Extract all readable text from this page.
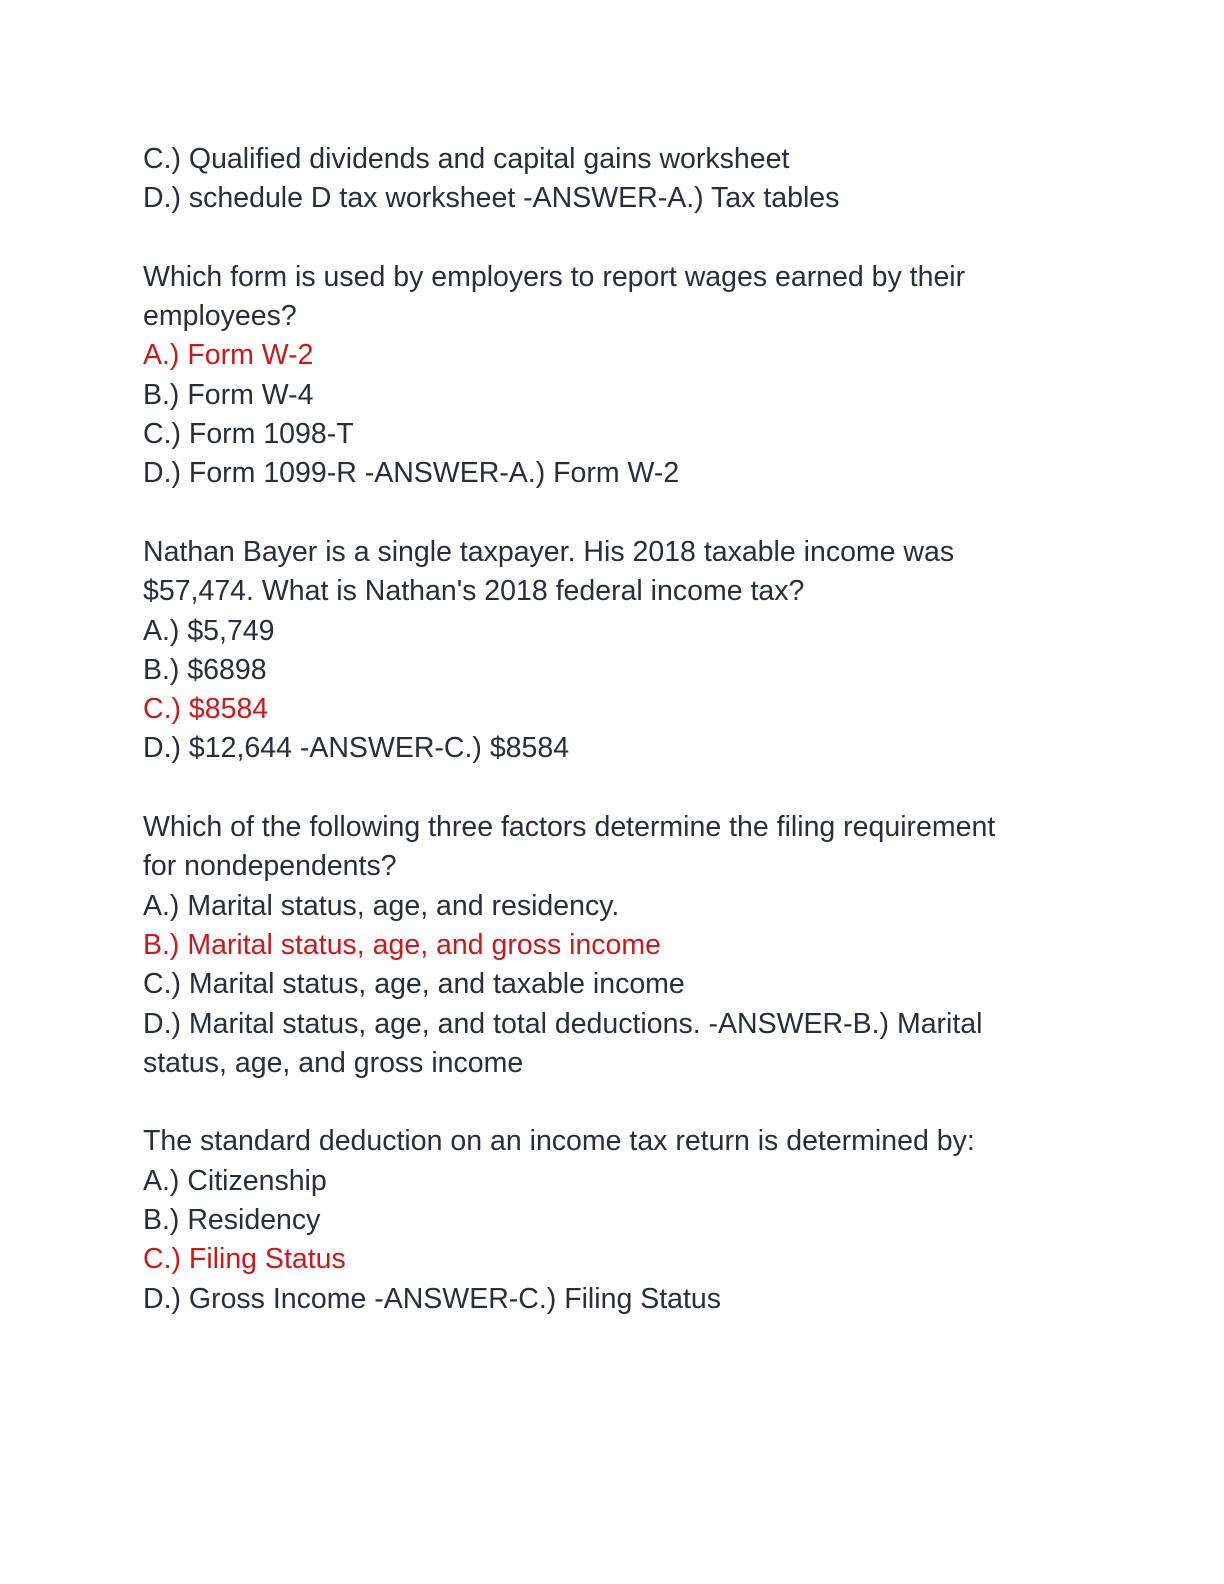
C.) Qualified dividends and capital gains worksheet
D.) schedule D tax worksheet -ANSWER-A.) Tax tables
Which form is used by employers to report wages earned by their
employees?
A.) Form W-2
B.) Form W-4
C.) Form 1098-T
D.) Form 1099-R -ANSWER-A.) Form W-2
Nathan Bayer is a single taxpayer. His 2018 taxable income was
$57,474. What is Nathan's 2018 federal income tax?
A.) $5,749
B.) $6898
C.) $8584
D.) $12,644 -ANSWER-C.) $8584
Which of the following three factors determine the filing requirement
for nondependents?
A.) Marital status, age, and residency.
B.) Marital status, age, and gross income
C.) Marital status, age, and taxable income
D.) Marital status, age, and total deductions. -ANSWER-B.) Marital
status, age, and gross income
The standard deduction on an income tax return is determined by:
A.) Citizenship
B.) Residency
C.) Filing Status
D.) Gross Income -ANSWER-C.) Filing Status
